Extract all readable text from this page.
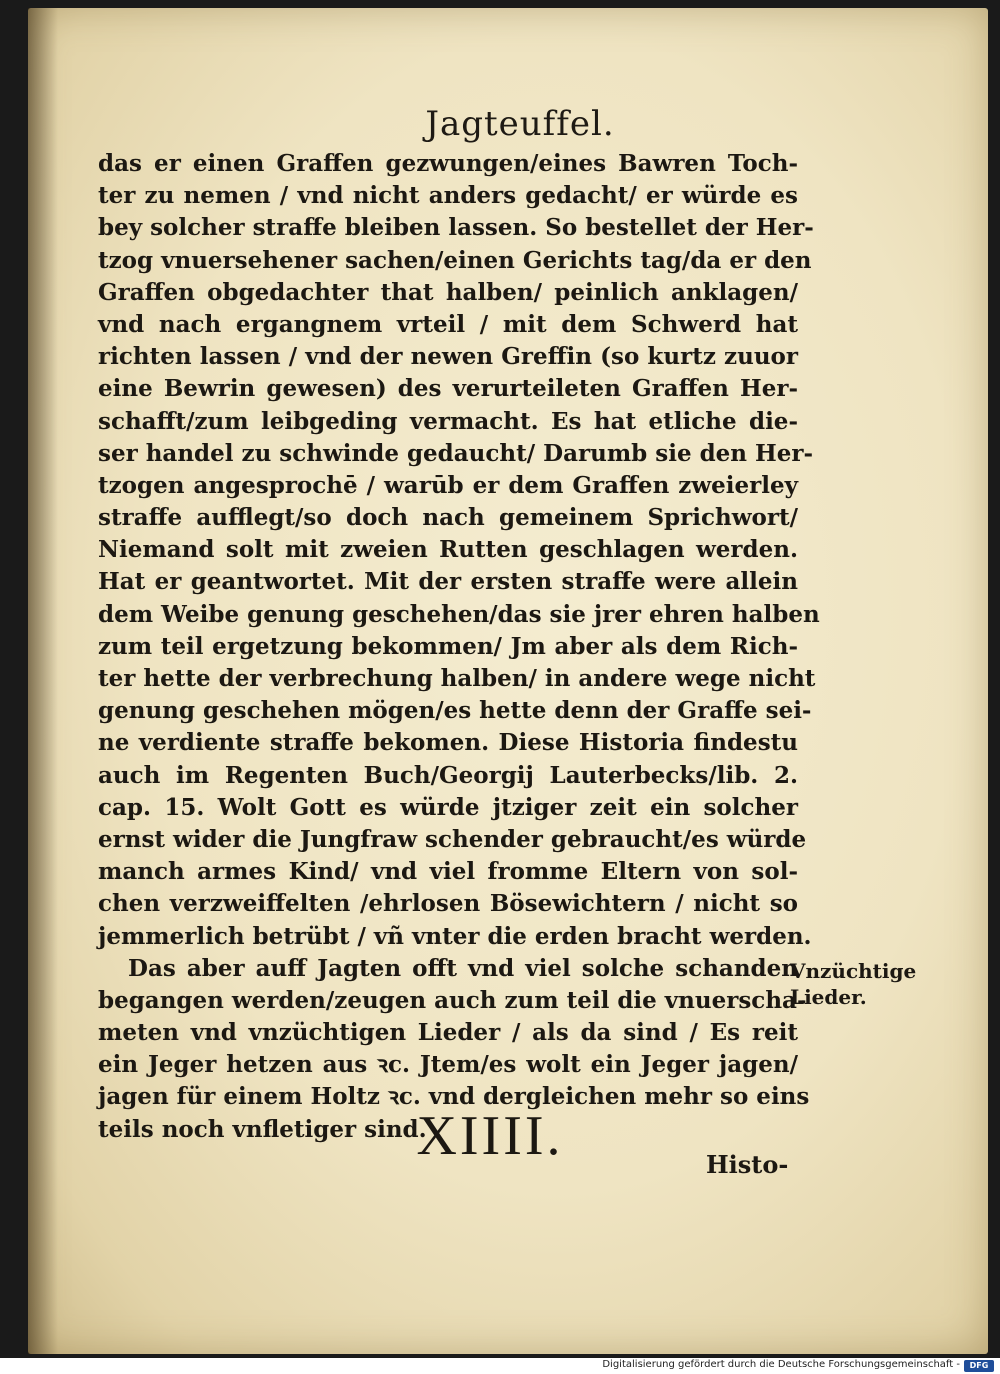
Jagteuffel.
das er einen Graffen gezwungen/eines Bawren Toch-
ter zu nemen / vnd nicht anders gedacht/ er würde es
bey solcher straffe bleiben lassen. So bestellet der Her-
tzog vnuersehener sachen/einen Gerichts tag/da er den
Graffen obgedachter that halben/ peinlich anklagen/
vnd nach ergangnem vrteil / mit dem Schwerd hat
richten lassen / vnd der newen Greffin (so kurtz zuuor
eine Bewrin gewesen) des verurteileten Graffen Her-
schafft/zum leibgeding vermacht. Es hat etliche die-
ser handel zu schwinde gedaucht/ Darumb sie den Her-
tzogen angesprochē / warūb er dem Graffen zweierley
straffe aufflegt/so doch nach gemeinem Sprichwort/
Niemand solt mit zweien Rutten geschlagen werden.
Hat er geantwortet. Mit der ersten straffe were allein
dem Weibe genung geschehen/das sie jrer ehren halben
zum teil ergetzung bekommen/ Jm aber als dem Rich-
ter hette der verbrechung halben/ in andere wege nicht
genung geschehen mögen/es hette denn der Graffe sei-
ne verdiente straffe bekomen. Diese Historia findestu
auch im Regenten Buch/Georgij Lauterbecks/lib. 2.
cap. 15. Wolt Gott es würde jtziger zeit ein solcher
ernst wider die Jungfraw schender gebraucht/es würde
manch armes Kind/ vnd viel fromme Eltern von sol-
chen verzweiffelten /ehrlosen Bösewichtern / nicht so
jemmerlich betrübt / vñ vnter die erden bracht werden.
Das aber auff Jagten offt vnd viel solche schanden
begangen werden/zeugen auch zum teil die vnuerscha-
meten vnd vnzüchtigen Lieder / als da sind / Es reit
ein Jeger hetzen aus ꝛc. Jtem/es wolt ein Jeger jagen/
jagen für einem Holtz ꝛc. vnd dergleichen mehr so eins
teils noch vnfletiger sind.
Vnzüchtige
Lieder.
XIIII.	Histo-
Digitalisierung gefördert durch die Deutsche Forschungsgemeinschaft -	DFG
